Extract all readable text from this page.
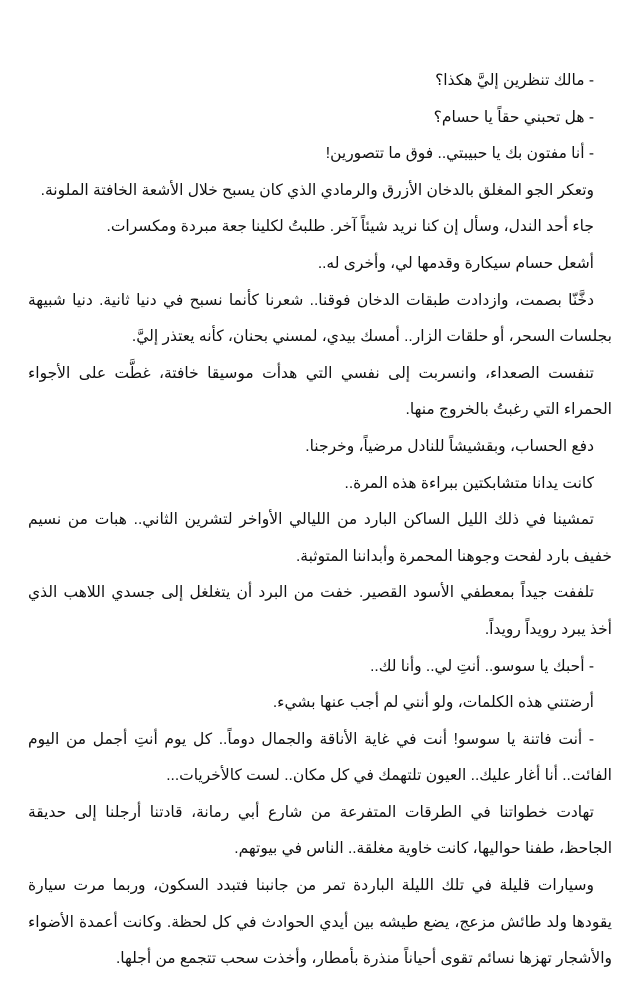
- مالك تنظرين إليَّ هكذا؟

- هل تحبني حقاً يا حسام؟

- أنا مفتون بك يا حبيبتي.. فوق ما تتصورين!

وتعكر الجو المغلق بالدخان الأزرق والرمادي الذي كان يسبح خلال الأشعة الخافتة الملونة.

جاء أحد الندل، وسأل إن كنا نريد شيئاً آخر. طلبتُ لكلينا جعة مبردة ومكسرات.

أشعل حسام سيكارة وقدمها لي، وأخرى له..

دخَّنّا بصمت، وازدادت طبقات الدخان فوقنا.. شعرنا كأنما نسبح في دنيا ثانية. دنيا شبيهة بجلسات السحر، أو حلقات الزار.. أمسك بيدي، لمسني بحنان، كأنه يعتذر إليَّ.

تنفست الصعداء، وانسربت إلى نفسي التي هدأت موسيقا خافتة، غطَّت على الأجواء الحمراء التي رغبتُ بالخروج منها.

دفع الحساب، وبقشيشاً للنادل مرضياً، وخرجنا.

كانت يدانا متشابكتين ببراءة هذه المرة..

تمشينا في ذلك الليل الساكن البارد من الليالي الأواخر لتشرين الثاني.. هبات من نسيم خفيف بارد لفحت وجوهنا المحمرة وأبداننا المتوثبة.

تلففت جيداً بمعطفي الأسود القصير. خفت من البرد أن يتغلغل إلى جسدي اللاهب الذي أخذ يبرد رويداً رويداً.

- أحبك يا سوسو.. أنتِ لي.. وأنا لك..

أرضتني هذه الكلمات، ولو أنني لم أجب عنها بشيء.

- أنت فاتنة يا سوسو! أنت في غاية الأناقة والجمال دوماً.. كل يوم أنتِ أجمل من اليوم الفائت.. أنا أغار عليك.. العيون تلتهمك في كل مكان.. لست كالأخريات...

تهادت خطواتنا في الطرقات المتفرعة من شارع أبي رمانة، قادتنا أرجلنا إلى حديقة الجاحظ، طفنا حواليها، كانت خاوية مغلقة.. الناس في بيوتهم.

وسيارات قليلة في تلك الليلة الباردة تمر من جانبنا فتبدد السكون، وربما مرت سيارة يقودها ولد طائش مزعج، يضع طيشه بين أيدي الحوادث في كل لحظة. وكانت أعمدة الأضواء والأشجار تهزها نسائم تقوى أحياناً منذرة بأمطار، وأخذت سحب تتجمع من أجلها.
